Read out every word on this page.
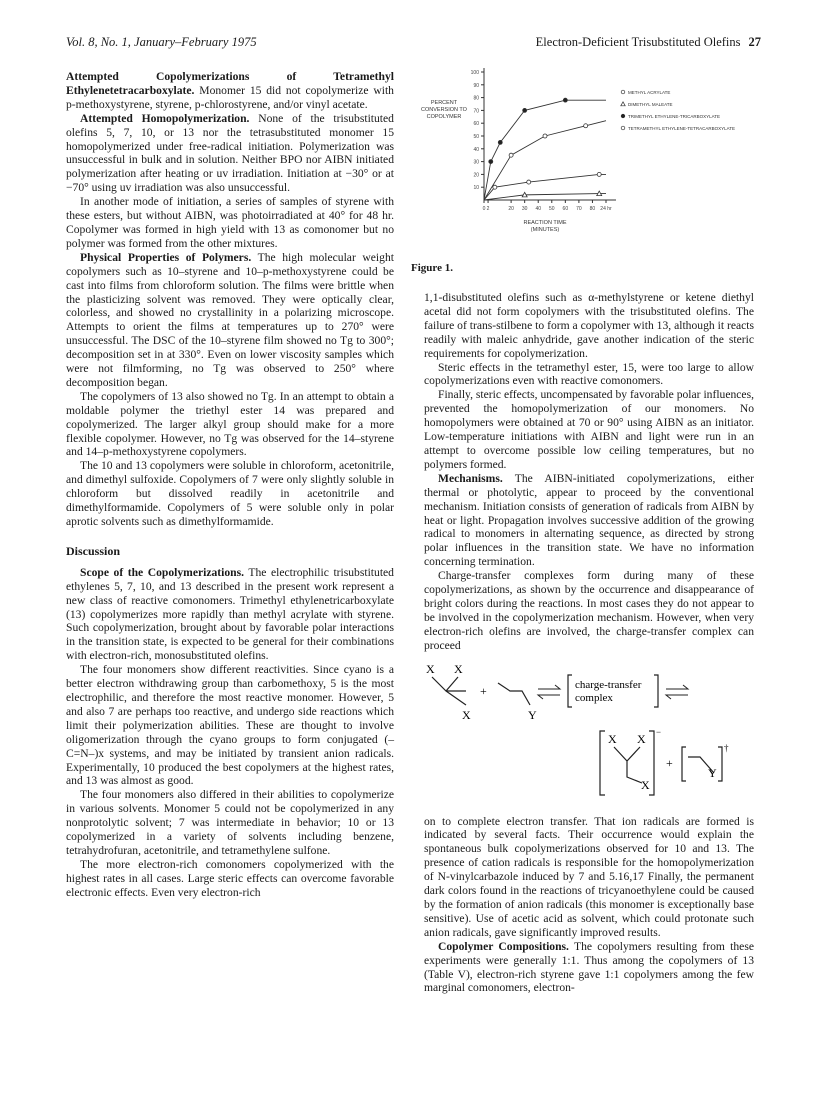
Vol. 8, No. 1, January–February 1975	Electron-Deficient Trisubstituted Olefins 27

Attempted Copolymerizations of Tetramethyl Ethylenetetracarboxylate. Monomer 15 did not copolymerize with p-methoxystyrene, styrene, p-chlorostyrene, and/or vinyl acetate.

Attempted Homopolymerization. None of the trisubstituted olefins 5, 7, 10, or 13 nor the tetrasubstituted monomer 15 homopolymerized under free-radical initiation. Polymerization was unsuccessful in bulk and in solution. Neither BPO nor AIBN initiated polymerization after heating or uv irradiation. Initiation at −30° or at −70° using uv irradiation was also unsuccessful.

In another mode of initiation, a series of samples of styrene with these esters, but without AIBN, was photoirradiated at 40° for 48 hr. Copolymer was formed in high yield with 13 as comonomer but no polymer was formed from the other mixtures.

Physical Properties of Polymers. The high molecular weight copolymers such as 10–styrene and 10–p-methoxystyrene could be cast into films from chloroform solution. The films were brittle when the plasticizing solvent was removed. They were optically clear, colorless, and showed no crystallinity in a polarizing microscope. Attempts to orient the films at temperatures up to 270° were unsuccessful. The DSC of the 10–styrene film showed no Tg to 300°; decomposition set in at 330°. Even on lower viscosity samples which were not filmforming, no Tg was observed to 250° where decomposition began.

The copolymers of 13 also showed no Tg. In an attempt to obtain a moldable polymer the triethyl ester 14 was prepared and copolymerized. The larger alkyl group should make for a more flexible copolymer. However, no Tg was observed for the 14–styrene and 14–p-methoxystyrene copolymers.

The 10 and 13 copolymers were soluble in chloroform, acetonitrile, and dimethyl sulfoxide. Copolymers of 7 were only slightly soluble in chloroform but dissolved readily in acetonitrile and dimethylformamide. Copolymers of 5 were soluble only in polar aprotic solvents such as dimethylformamide.

Discussion

Scope of the Copolymerizations. The electrophilic trisubstituted ethylenes 5, 7, 10, and 13 described in the present work represent a new class of reactive comonomers. Trimethyl ethylenetricarboxylate (13) copolymerizes more rapidly than methyl acrylate with styrene. Such copolymerization, brought about by favorable polar interactions in the transition state, is expected to be general for their combinations with electron-rich, monosubstituted olefins.

The four monomers show different reactivities. Since cyano is a better electron withdrawing group than carbomethoxy, 5 is the most electrophilic, and therefore the most reactive monomer. However, 5 and also 7 are perhaps too reactive, and undergo side reactions which limit their polymerization abilities. These are thought to involve oligomerization through the cyano groups to form conjugated (–C=N–)x systems, and may be initiated by transient anion radicals. Experimentally, 10 produced the best copolymers at the highest rates, and 13 was almost as good.

The four monomers also differed in their abilities to copolymerize in various solvents. Monomer 5 could not be copolymerized in any nonprotolytic solvent; 7 was intermediate in behavior; 10 or 13 copolymerized in a variety of solvents including benzene, tetrahydrofuran, acetonitrile, and tetramethylene sulfone.

The more electron-rich comonomers copolymerized with the highest rates in all cases. Large steric effects can overcome favorable electronic effects. Even very electron-rich

10
20
30
40
50
60
70
80
90
100
0 2	20 30 40 50 60 70 80 24 hr
PERCENT
CONVERSION TO
COPOLYMER
REACTION TIME
(MINUTES)
METHYL ACRYLATE
DIMETHYL MALEATE
TRIMETHYL ETHYLENE-TRICARBOXYLATE
TETRAMETHYL ETHYLENE-TETRACARBOXYLATE
Figure 1.

1,1-disubstituted olefins such as α-methylstyrene or ketene diethyl acetal did not form copolymers with the trisubstituted olefins. The failure of trans-stilbene to form a copolymer with 13, although it reacts readily with maleic anhydride, gave another indication of the steric requirements for copolymerization.

Steric effects in the tetramethyl ester, 15, were too large to allow copolymerizations even with reactive comonomers.

Finally, steric effects, uncompensated by favorable polar influences, prevented the homopolymerization of our monomers. No homopolymers were obtained at 70 or 90° using AIBN as an initiator. Low-temperature initiations with AIBN and light were run in an attempt to overcome possible low ceiling temperatures, but no polymers formed.

Mechanisms. The AIBN-initiated copolymerizations, either thermal or photolytic, appear to proceed by the conventional mechanism. Initiation consists of generation of radicals from AIBN by heat or light. Propagation involves successive addition of the growing radical to monomers in alternating sequence, as directed by strong polar influences in the transition state. We have no information concerning termination.

Charge-transfer complexes form during many of these copolymerizations, as shown by the occurrence and disappearance of bright colors during the reactions. In most cases they do not appear to be involved in the copolymerization mechanism. However, when very electron-rich olefins are involved, the charge-transfer complex can proceed

X X
X
+
Y
charge-transfer
complex
X X
X
−
+
Y
†

on to complete electron transfer. That ion radicals are formed is indicated by several facts. Their occurrence would explain the spontaneous bulk copolymerizations observed for 10 and 13. The presence of cation radicals is responsible for the homopolymerization of N-vinylcarbazole induced by 7 and 5.16,17 Finally, the permanent dark colors found in the reactions of tricyanoethylene could be caused by the formation of anion radicals (this monomer is exceptionally base sensitive). Use of acetic acid as solvent, which could protonate such anion radicals, gave significantly improved results.

Copolymer Compositions. The copolymers resulting from these experiments were generally 1:1. Thus among the copolymers of 13 (Table V), electron-rich styrene gave 1:1 copolymers among the few marginal comonomers, electron-
